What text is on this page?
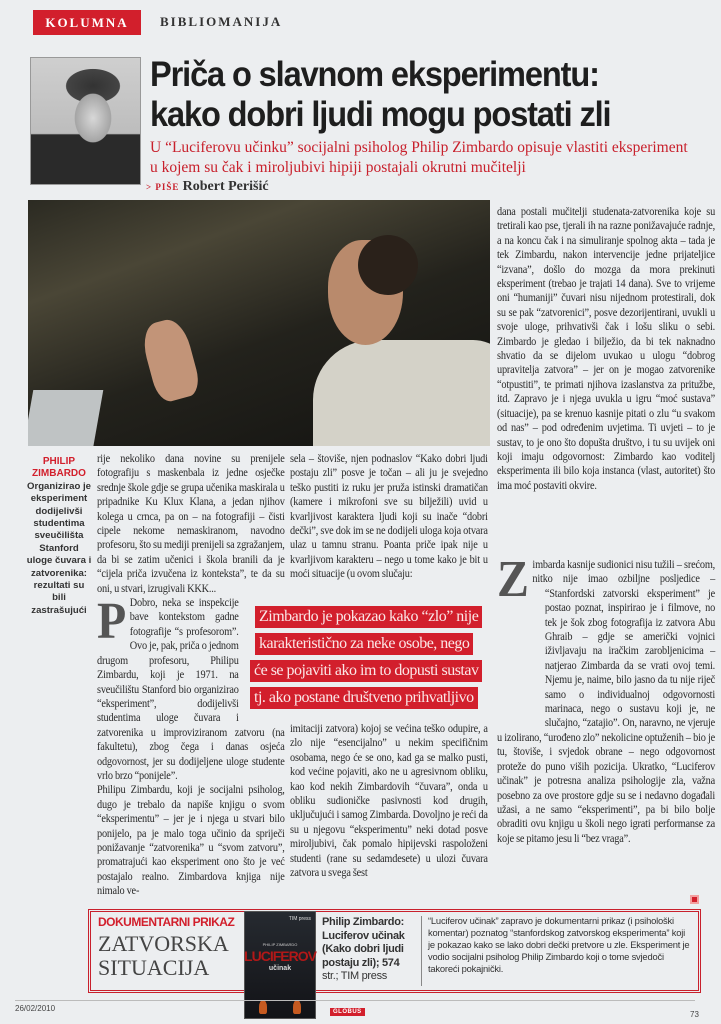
KOLUMNA	BIBLIOMANIJA
Priča o slavnom eksperimentu: kako dobri ljudi mogu postati zli
U “Luciferovu učinku” socijalni psiholog Philip Zimbardo opisuje vlastiti eksperiment u kojem su čak i miroljubivi hipiji postajali okrutni mučitelji
> PIŠE Robert Perišić
PHILIP ZIMBARDO
Organizirao je eksperiment dodijelivši studentima sveučilišta Stanford uloge čuvara i zatvorenika: rezultati su bili zastrašujući P

rije nekoliko dana novine su prenijele fotografiju s maskenbala iz jedne osječke srednje škole gdje se grupa učenika maskirala u pripadnike Ku Klux Klana, a jedan njihov kolega u crnca, pa on – na fotografiji – čisti cipele nekome nemaskiranom, navodno profesoru, što su mediji prenijeli sa zgražanjem, da bi se zatim učenici i škola branili da je “cijela priča izvučena iz konteksta”, te da su oni, u stvari, izrugivali KKK...

Dobro, neka se inspekcije bave kontekstom gadne fotografije “s profesorom”. Ovo je, pak, priča o jednom drugom profesoru, Philipu Zimbardu, koji je 1971. na sveučilištu Stanford bio organizirao “eksperiment”, dodijelivši studentima uloge čuvara i zatvorenika u improviziranom zatvoru (na fakultetu), zbog čega i danas osjeća odgovornost, jer su dodijeljene uloge studente vrlo brzo “ponijele”.

Philipu Zimbardu, koji je socijalni psiholog, dugo je trebalo da napiše knjigu o svom “eksperimentu” – jer je i njega u stvari bilo ponijelo, pa je malo toga učinio da spriječi ponižavanje “zatvorenika” u “svom zatvoru”, promatrajući kao eksperiment ono što je već postajalo realno. Zimbardova knjiga nije nimalo ve-

sela – štoviše, njen podnaslov “Kako dobri ljudi postaju zli” posve je točan – ali ju je svejedno teško pustiti iz ruku jer pruža istinski dramatičan (kamere i mikrofoni sve su bilježili) uvid u kvarljivost karaktera ljudi koji su inače “dobri dečki”, sve dok im se ne dodijeli uloga koja otvara ulaz u tamnu stranu. Poanta priče ipak nije u kvarljivom karakteru – nego u tome kako je bit u moći situacije (u ovom slučaju:
imitaciji zatvora) kojoj se većina teško odupire, a zlo nije “esencijalno” u nekim specifičnim osobama, nego će se ono, kad ga se malko pusti, kod većine pojaviti, ako ne u agresivnom obliku, kao kod nekih Zimbardovih “čuvara”, onda u obliku sudioničke pasivnosti kod drugih, uključujući i samog Zimbarda. Dovoljno je reći da su u njegovu “eksperimentu” neki dotad posve miroljubivi, čak pomalo hipijevski raspoloženi studenti (rane su sedamdesete) u ulozi čuvara zatvora u svega šest
dana postali mučitelji studenata-zatvorenika koje su tretirali kao pse, tjerali ih na razne ponižavajuće radnje, a na koncu čak i na simuliranje spolnog akta – tada je tek Zimbardu, nakon intervencije jedne prijateljice “izvana”, došlo do mozga da mora prekinuti eksperiment (trebao je trajati 14 dana). Sve to vrijeme oni “humaniji” čuvari nisu nijednom protestirali, dok su se pak “zatvorenici”, posve dezorijentirani, uvukli u svoje uloge, prihvativši čak i lošu sliku o sebi. Zimbardo je gledao i bilježio, da bi tek naknadno shvatio da se dijelom uvukao u ulogu “dobrog upravitelja zatvora” – jer on je mogao zatvorenike “otpustiti”, te primati njihova izaslanstva za pritužbe, itd. Zapravo je i njega uvukla u igru “moć sustava” (situacije), pa se krenuo kasnije pitati o zlu “u svakom od nas” – pod određenim uvjetima. Ti uvjeti – to je sustav, to je ono što dopušta društvo, i tu su uvijek oni koji imaju odgovornost: Zimbardo kao voditelj eksperimenta ili bilo koja instanca (vlast, autoritet) što ima moć postaviti okvire.
Z imbarda kasnije sudionici nisu tužili – srećom, nitko nije imao ozbiljne posljedice – “Stanfordski zatvorski eksperiment” je postao poznat, inspirirao je i filmove, no tek je šok zbog fotografija iz zatvora Abu Ghraib – gdje se američki vojnici iživljavaju na iračkim zarobljenicima – natjerao Zimbarda da se vrati ovoj temi. Njemu je, naime, bilo jasno da tu nije riječ samo o individualnoj odgovornosti marinaca, nego o sustavu koji je, ne slučajno, “zatajio”. On, naravno, ne vjeruje u izolirano, “urođeno zlo” nekolicine optuženih – bio je tu, štoviše, i svjedok obrane – nego odgovornost proteže do puno viših pozicija. Ukratko, “Luciferov učinak” je potresna analiza psihologije zla, važna posebno za ove prostore gdje su se i nedavno događali užasi, a ne samo “eksperimenti”, pa bi bilo bolje obraditi ovu knjigu u školi nego igrati performanse za koje se pitamo jesu li “bez vraga”.
Zimbardo je pokazao kako “zlo” nije
karakteristično za neke osobe, nego
će se pojaviti ako im to dopusti sustav
tj. ako postane društveno prihvatljivo
DOKUMENTARNI PRIKAZ
ZATVORSKA
SITUACIJA
TIM press
PHILIP ZIMBARDO
LUCIFEROV
učinak
Philip Zimbardo: Luciferov učinak (Kako dobri ljudi postaju zli); 574
str.; TIM press
“Luciferov učinak” zapravo je dokumentarni prikaz (i psihološki komentar) poznatog “stanfordskog zatvorskog eksperimenta” koji je pokazao kako se lako dobri dečki pretvore u zle. Eksperiment je vodio socijalni psiholog Philip Zimbardo koji o tome svjedoči takoreći pokajnički.
26/02/2010	GLOBUS	73
